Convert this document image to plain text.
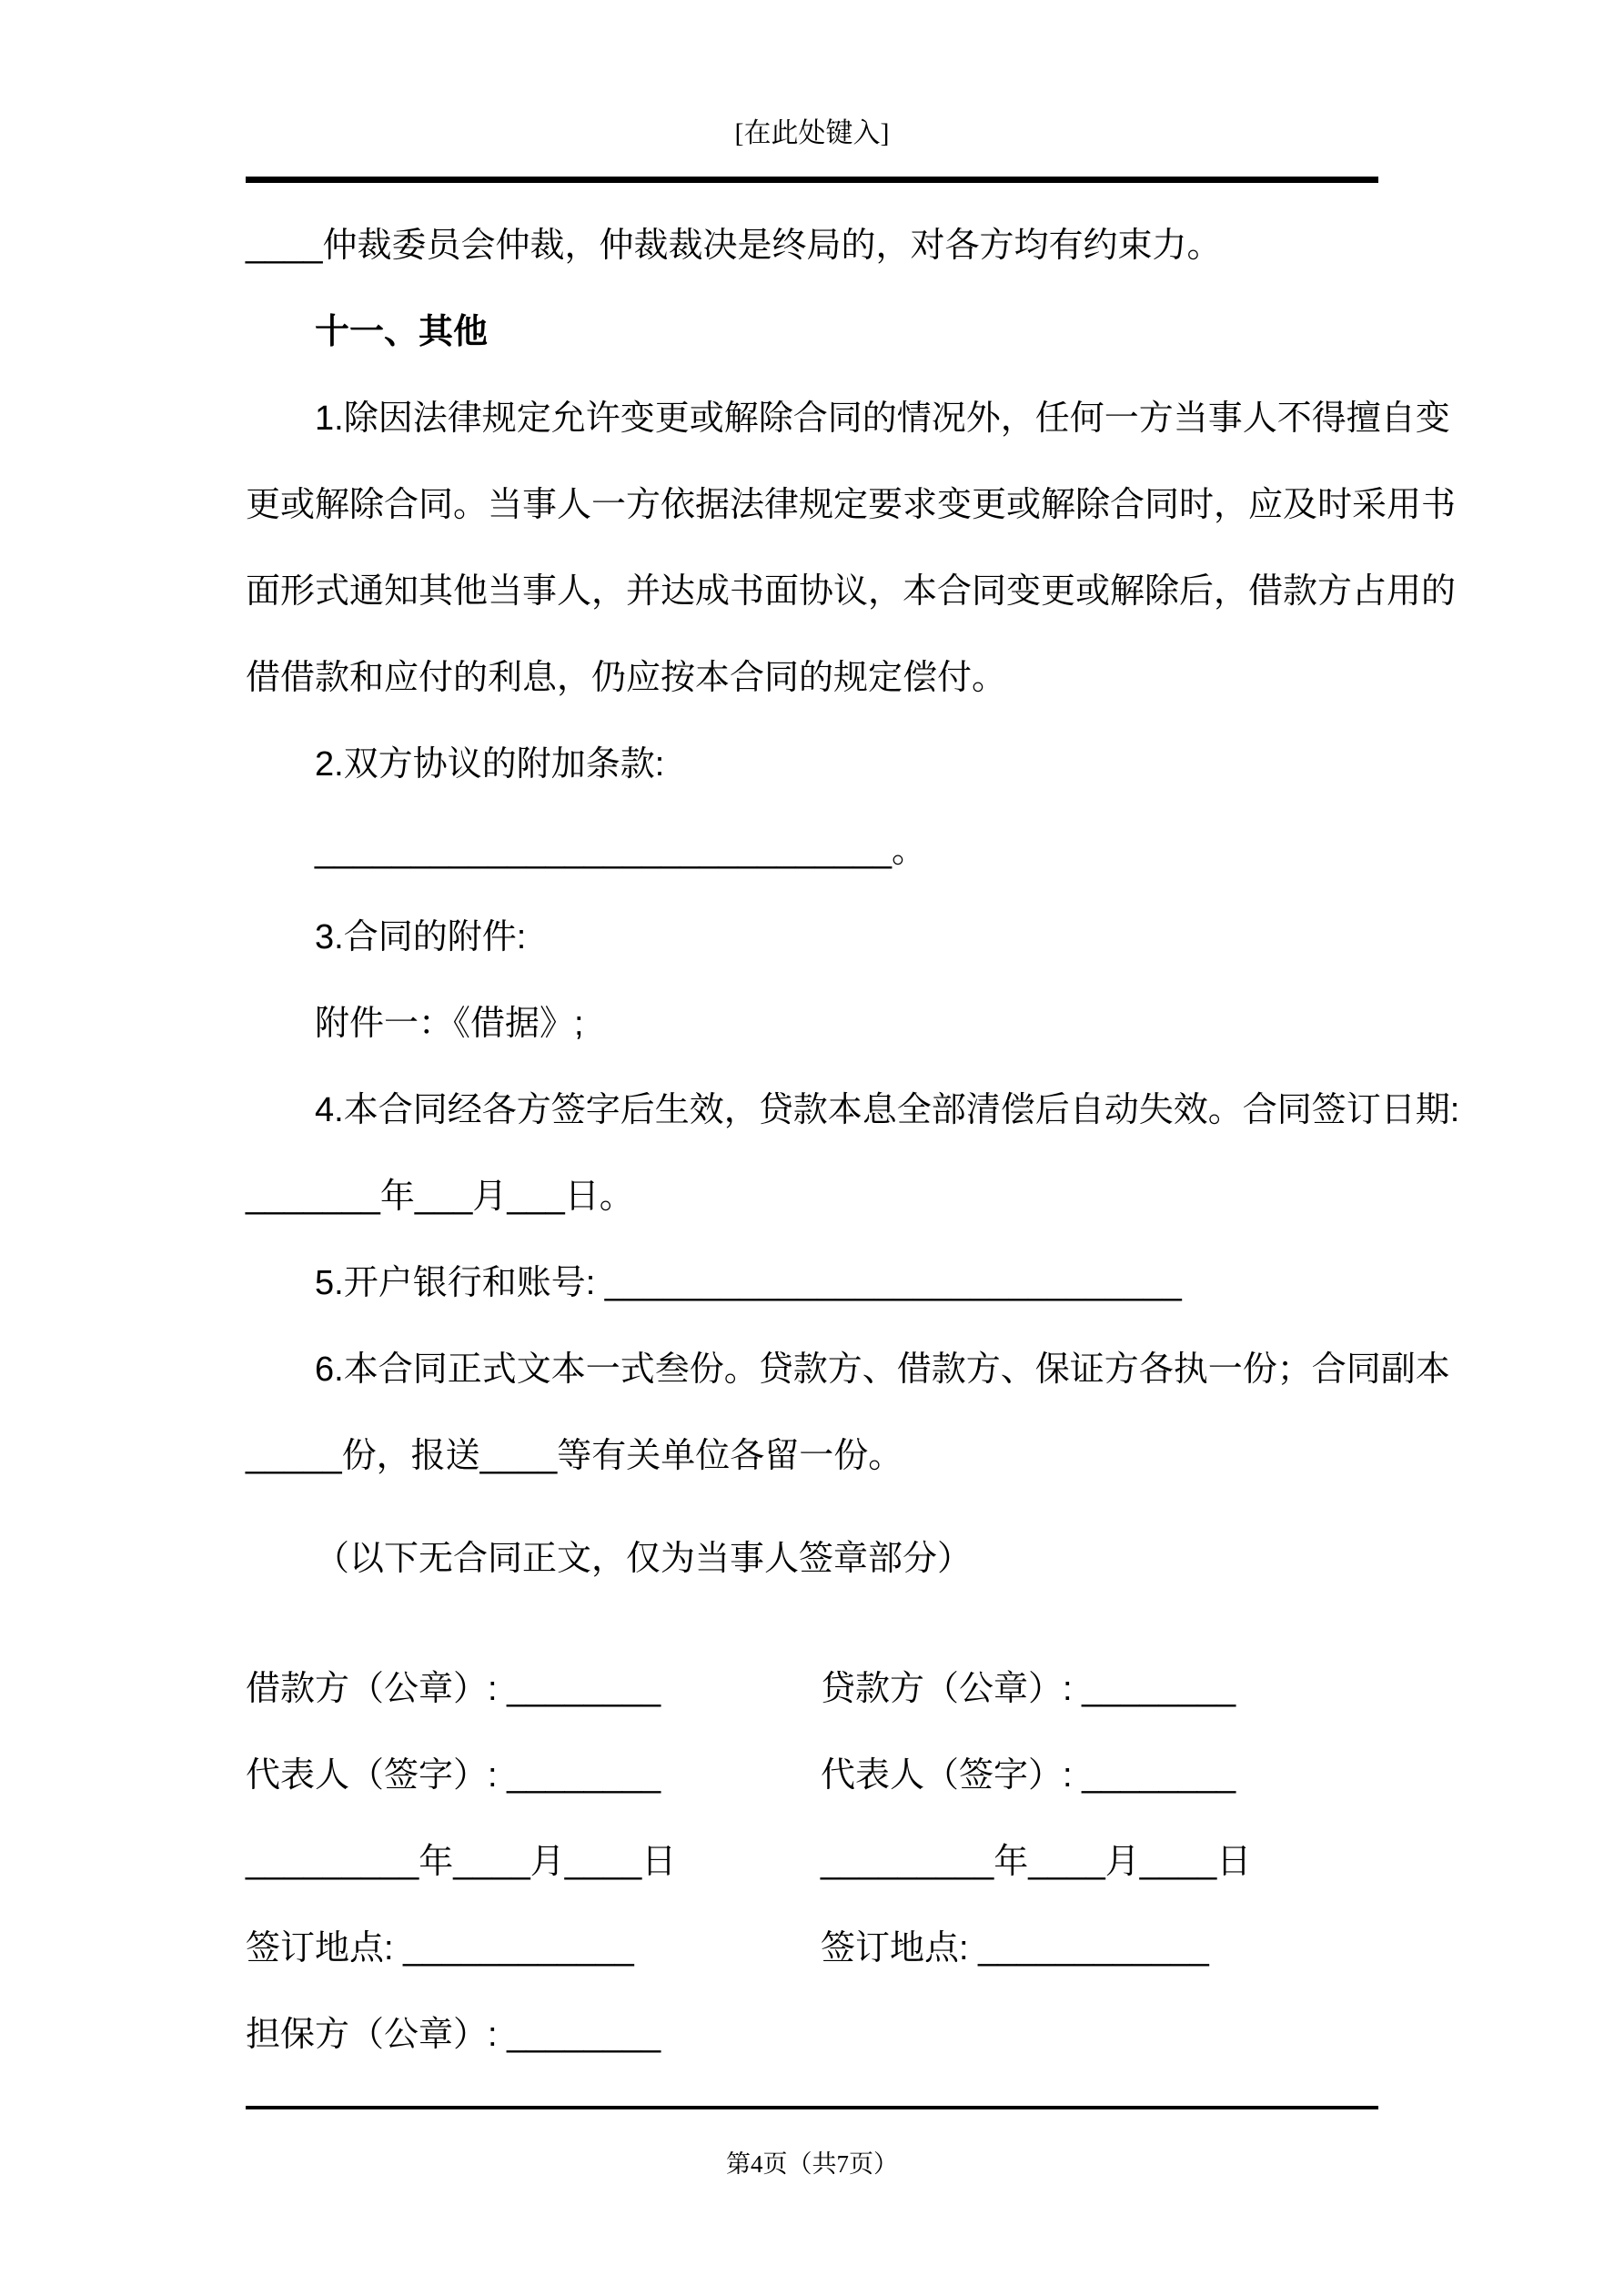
[在此处键入]
____仲裁委员会仲裁，仲裁裁决是终局的，对各方均有约束力。
十一、其他
1.除因法律规定允许变更或解除合同的情况外，任何一方当事人不得擅自变
更或解除合同。当事人一方依据法律规定要求变更或解除合同时，应及时采用书
面形式通知其他当事人，并达成书面协议，本合同变更或解除后，借款方占用的
借借款和应付的利息，仍应按本合同的规定偿付。
2.双方协议的附加条款:
______________________________。
3.合同的附件:
附件一：《借据》;
4.本合同经各方签字后生效，贷款本息全部清偿后自动失效。合同签订日期:
_______年___月___日。
5.开户银行和账号: ______________________________
6.本合同正式文本一式叁份。贷款方、借款方、保证方各执一份；合同副本
_____份，报送____等有关单位各留一份。
（以下无合同正文，仅为当事人签章部分）
借款方（公章）: ________	贷款方（公章）: ________
代表人（签字）: ________	代表人（签字）: ________
_________年____月____日	_________年____月____日
签订地点: ____________	签订地点: ____________
担保方（公章）: ________
第4页（共7页）
